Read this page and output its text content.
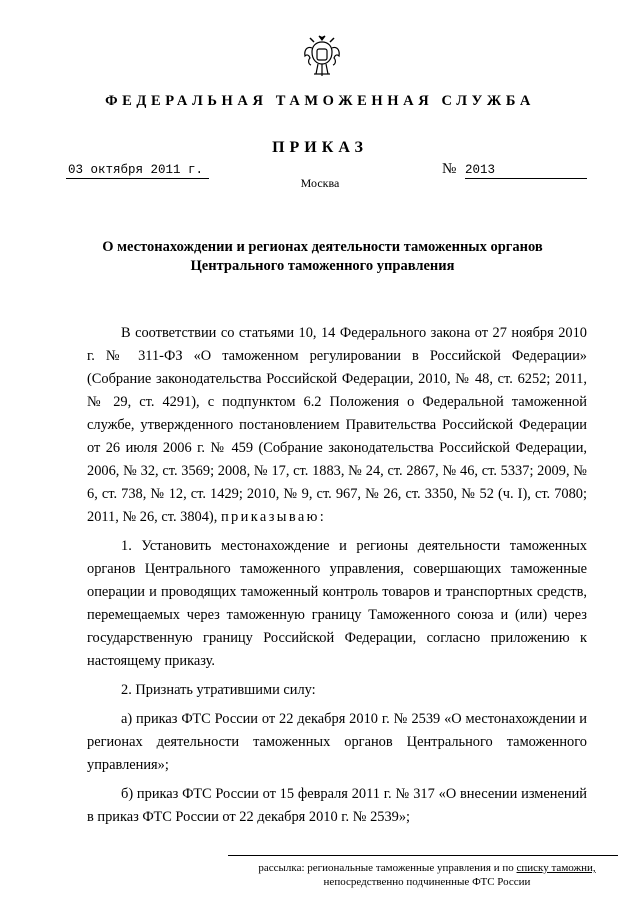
ФЕДЕРАЛЬНАЯ ТАМОЖЕННАЯ СЛУЖБА
ПРИКАЗ
03 октября 2011 г.	№ 2013
Москва
О местонахождении и регионах деятельности таможенных органов
Центрального таможенного управления

В соответствии со статьями 10, 14 Федерального закона от 27 ноября 2010 г. № 311-ФЗ «О таможенном регулировании в Российской Федерации» (Собрание законодательства Российской Федерации, 2010, № 48, ст. 6252; 2011, № 29, ст. 4291), с подпунктом 6.2 Положения о Федеральной таможенной службе, утвержденного постановлением Правительства Российской Федерации от 26 июля 2006 г. № 459 (Собрание законодательства Российской Федерации, 2006, № 32, ст. 3569; 2008, № 17, ст. 1883, № 24, ст. 2867, № 46, ст. 5337; 2009, № 6, ст. 738, № 12, ст. 1429; 2010, № 9, ст. 967, № 26, ст. 3350, № 52 (ч. I), ст. 7080; 2011, № 26, ст. 3804), приказываю:

1. Установить местонахождение и регионы деятельности таможенных органов Центрального таможенного управления, совершающих таможенные операции и проводящих таможенный контроль товаров и транспортных средств, перемещаемых через таможенную границу Таможенного союза и (или) через государственную границу Российской Федерации, согласно приложению к настоящему приказу.

2. Признать утратившими силу:

а) приказ ФТС России от 22 декабря 2010 г. № 2539 «О местонахождении и регионах деятельности таможенных органов Центрального таможенного управления»;

б) приказ ФТС России от 15 февраля 2011 г. № 317 «О внесении изменений в приказ ФТС России от 22 декабря 2010 г. № 2539»;

рассылка: региональные таможенные управления и по списку таможни,
непосредственно подчиненные ФТС России
